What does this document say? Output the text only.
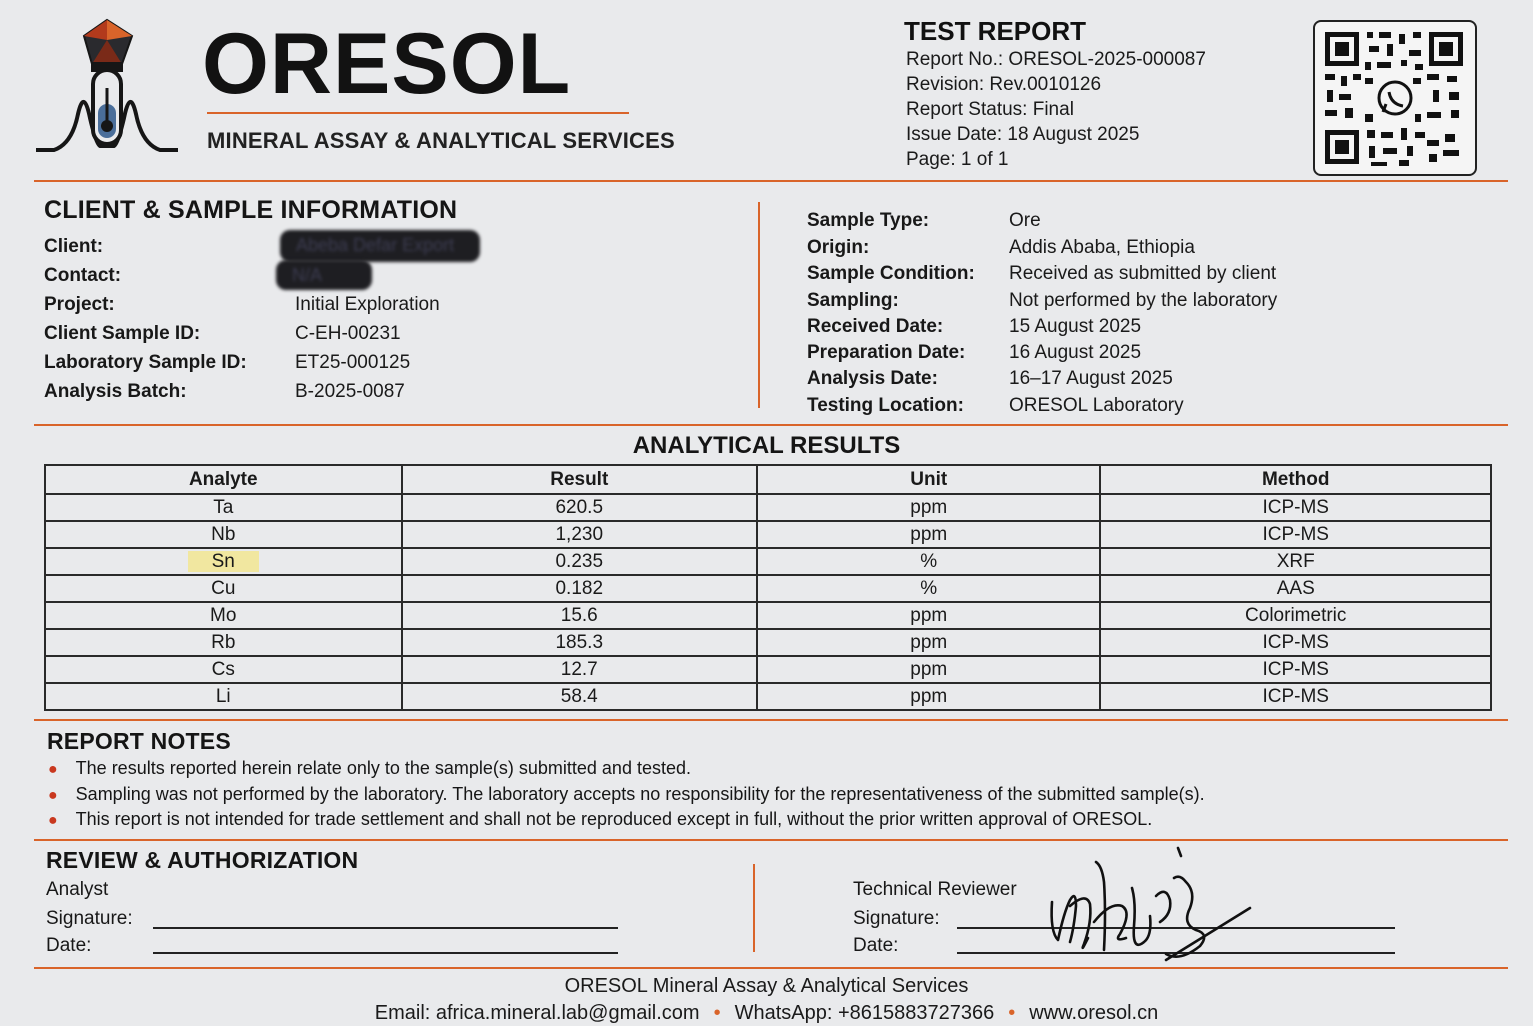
ORESOL
MINERAL ASSAY & ANALYTICAL SERVICES
TEST REPORT
Report No.: ORESOL-2025-000087
Revision: Rev.0010126
Report Status: Final
Issue Date: 18 August 2025
Page: 1 of 1
CLIENT & SAMPLE INFORMATION
Client:	Abeba Defar Export
Contact:	N/A
Project:	Initial Exploration
Client Sample ID:	C-EH-00231
Laboratory Sample ID:	ET25-000125
Analysis Batch:	B-2025-0087
Sample Type:	Ore
Origin:	Addis Ababa, Ethiopia
Sample Condition: Received as submitted by client
Sampling:	Not performed by the laboratory
Received Date:	15 August 2025
Preparation Date: 16 August 2025
Analysis Date:	16–17 August 2025
Testing Location: ORESOL Laboratory
ANALYTICAL RESULTS
Analyte	Result	Unit	Method
Ta	620.5	ppm	ICP-MS
Nb	1,230	ppm	ICP-MS
Sn	0.235	%	XRF
Cu	0.182	%	AAS
Mo	15.6	ppm	Colorimetric
Rb	185.3	ppm	ICP-MS
Cs	12.7	ppm	ICP-MS
Li	58.4	ppm	ICP-MS
REPORT NOTES
● The results reported herein relate only to the sample(s) submitted and tested.
● Sampling was not performed by the laboratory. The laboratory accepts no responsibility for the representativeness of the submitted sample(s).
● This report is not intended for trade settlement and shall not be reproduced except in full, without the prior written approval of ORESOL.
REVIEW & AUTHORIZATION
Analyst
Signature:
Date:
Technical Reviewer
Signature:
Date:
ORESOL Mineral Assay & Analytical Services
Email: africa.mineral.lab@gmail.com • WhatsApp: +8615883727366 • www.oresol.cn
